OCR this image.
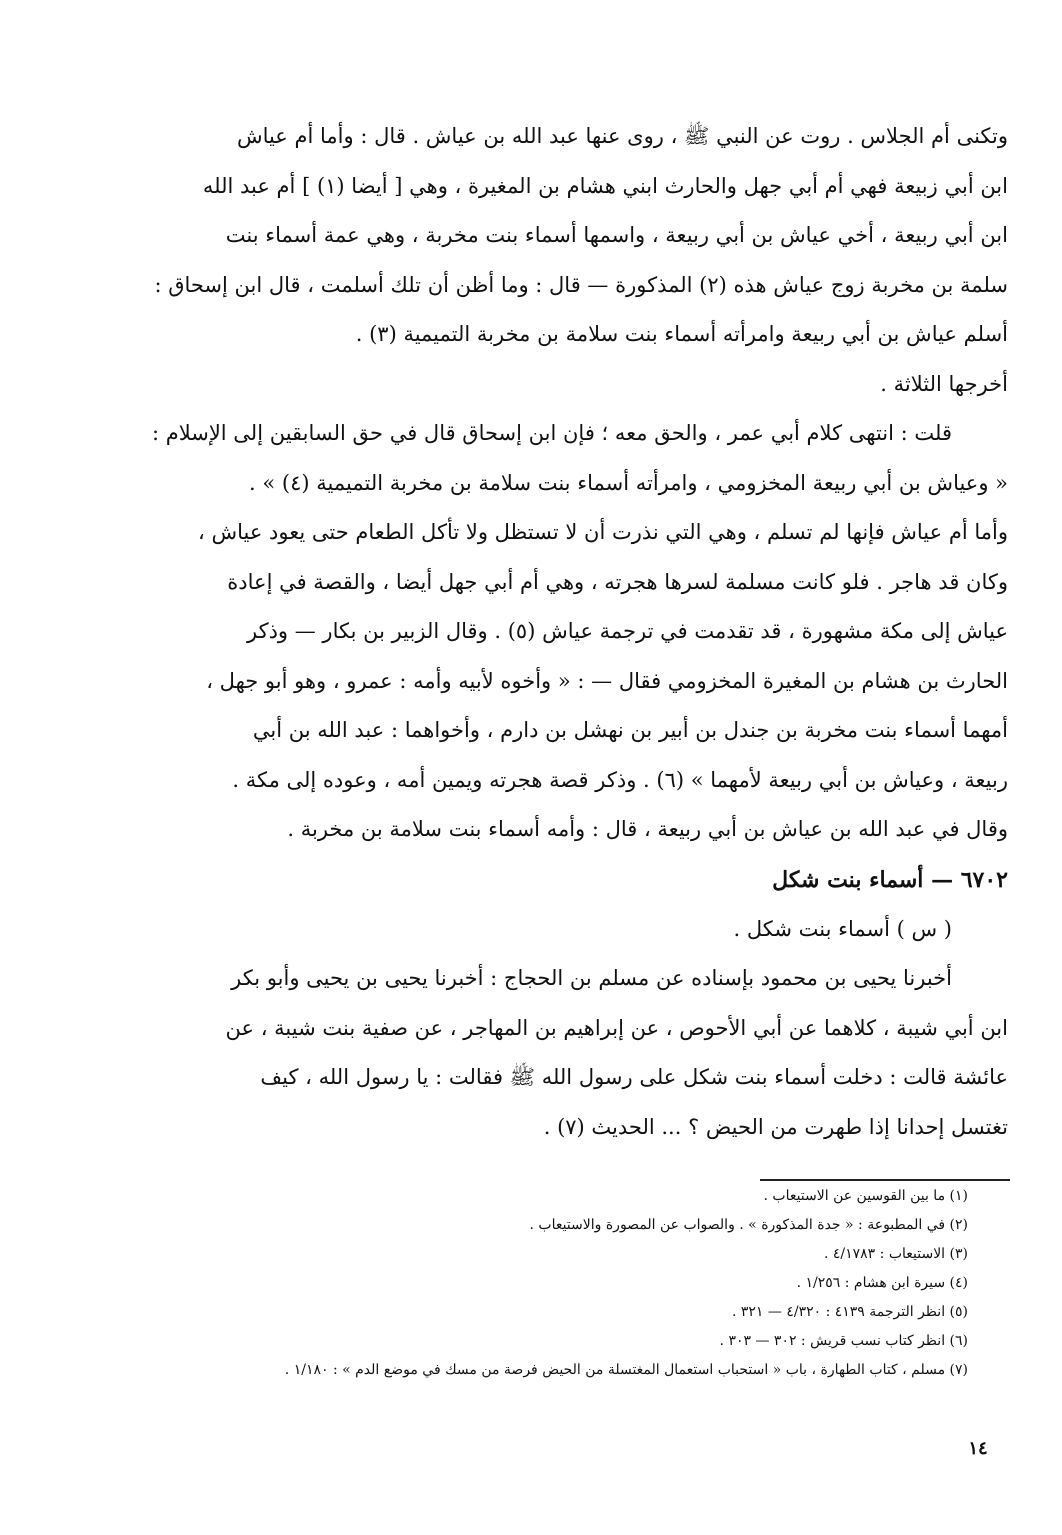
وتكنى أم الجلاس . روت عن النبي ﷺ ، روى عنها عبد الله بن عياش . قال : وأما أم عياش
ابن أبي زبيعة فهي أم أبي جهل والحارث ابني هشام بن المغيرة ، وهي [ أيضا (١) ] أم عبد الله
ابن أبي ربيعة ، أخي عياش بن أبي ربيعة ، واسمها أسماء بنت مخربة ، وهي عمة أسماء بنت
سلمة بن مخربة زوج عياش هذه (٢) المذكورة — قال : وما أظن أن تلك أسلمت ، قال ابن إسحاق :
أسلم عياش بن أبي ربيعة وامرأته أسماء بنت سلامة بن مخربة التميمية (٣) .
أخرجها الثلاثة .
قلت : انتهى كلام أبي عمر ، والحق معه ؛ فإن ابن إسحاق قال في حق السابقين إلى الإسلام :
« وعياش بن أبي ربيعة المخزومي ، وامرأته أسماء بنت سلامة بن مخربة التميمية (٤) » .
وأما أم عياش فإنها لم تسلم ، وهي التي نذرت أن لا تستظل ولا تأكل الطعام حتى يعود عياش ،
وكان قد هاجر . فلو كانت مسلمة لسرها هجرته ، وهي أم أبي جهل أيضا ، والقصة في إعادة
عياش إلى مكة مشهورة ، قد تقدمت في ترجمة عياش (٥) . وقال الزبير بن بكار — وذكر
الحارث بن هشام بن المغيرة المخزومي فقال — : « وأخوه لأبيه وأمه : عمرو ، وهو أبو جهل ،
أمهما أسماء بنت مخربة بن جندل بن أبير بن نهشل بن دارم ، وأخواهما : عبد الله بن أبي
ربيعة ، وعياش بن أبي ربيعة لأمهما » (٦) . وذكر قصة هجرته ويمين أمه ، وعوده إلى مكة .
وقال في عبد الله بن عياش بن أبي ربيعة ، قال : وأمه أسماء بنت سلامة بن مخربة .
٦٧٠٢ — أسماء بنت شكل
( س ) أسماء بنت شكل .
أخبرنا يحيى بن محمود بإسناده عن مسلم بن الحجاج : أخبرنا يحيى بن يحيى وأبو بكر
ابن أبي شيبة ، كلاهما عن أبي الأحوص ، عن إبراهيم بن المهاجر ، عن صفية بنت شيبة ، عن
عائشة قالت : دخلت أسماء بنت شكل على رسول الله ﷺ فقالت : يا رسول الله ، كيف
تغتسل إحدانا إذا طهرت من الحيض ؟ ... الحديث (٧) .
(١) ما بين القوسين عن الاستيعاب .
(٢) في المطبوعة : « جدة المذكورة » . والصواب عن المصورة والاستيعاب .
(٣) الاستيعاب : ٤/١٧٨٣ .
(٤) سيرة ابن هشام : ١/٢٥٦ .
(٥) انظر الترجمة ٤١٣٩ : ٤/٣٢٠ — ٣٢١ .
(٦) انظر كتاب نسب قريش : ٣٠٢ — ٣٠٣ .
(٧) مسلم ، كتاب الطهارة ، باب « استحباب استعمال المغتسلة من الحيض فرصة من مسك في موضع الدم » : ١/١٨٠ .
١٤
